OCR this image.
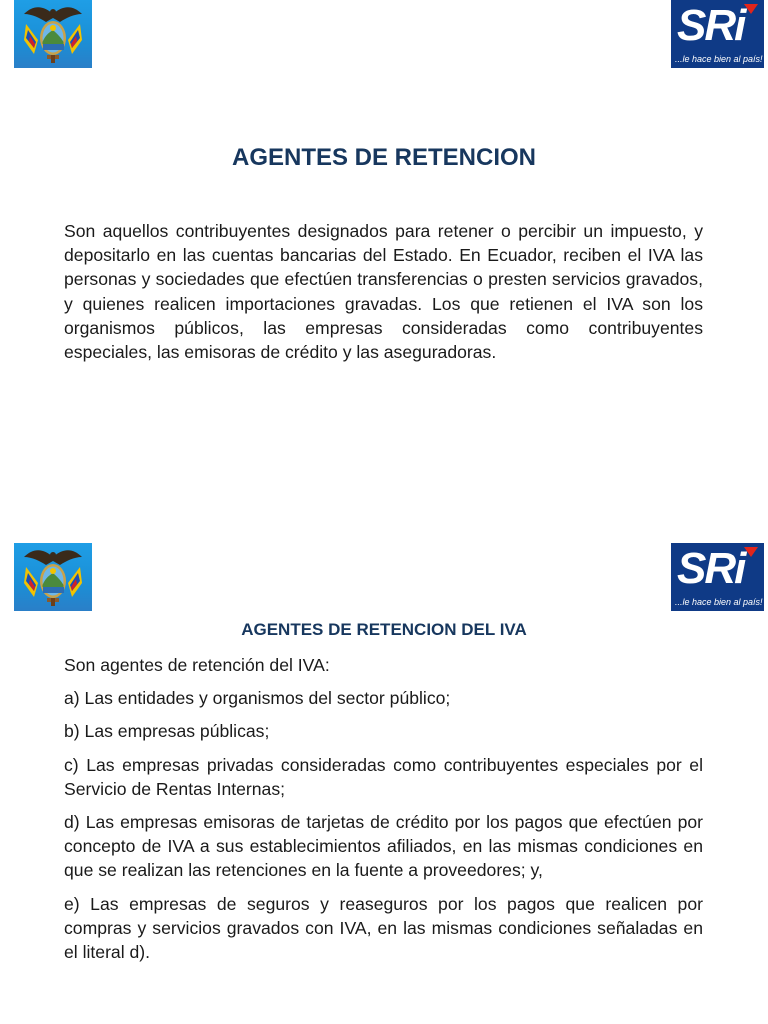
SRi
...le hace bien al país!
AGENTES DE RETENCION

Son aquellos contribuyentes designados para retener o percibir un impuesto, y depositarlo en las cuentas bancarias del Estado. En Ecuador, reciben el IVA las personas y sociedades que efectúen transferencias o presten servicios gravados, y quienes realicen importaciones gravadas. Los que retienen el IVA son los organismos públicos, las empresas consideradas como contribuyentes especiales, las emisoras de crédito y las aseguradoras.

SRi
...le hace bien al país!
AGENTES DE RETENCION DEL IVA

Son agentes de retención del IVA:

a) Las entidades y organismos del sector público;

b) Las empresas públicas;

c) Las empresas privadas consideradas como contribuyentes especiales por el Servicio de Rentas Internas;

d) Las empresas emisoras de tarjetas de crédito por los pagos que efectúen por concepto de IVA a sus establecimientos afiliados, en las mismas condiciones en que se realizan las retenciones en la fuente a proveedores; y,

e) Las empresas de seguros y reaseguros por los pagos que realicen por compras y servicios gravados con IVA, en las mismas condiciones señaladas en el literal d).
